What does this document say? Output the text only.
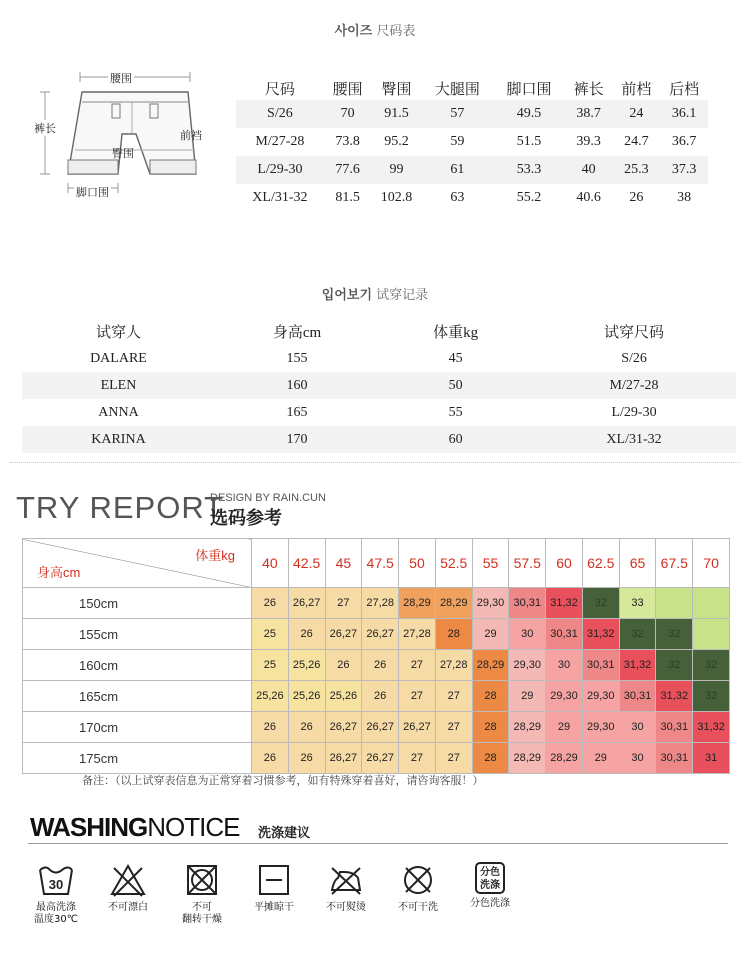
사이즈 尺码表
腰围
裤长
前裆
臀围
脚口围
尺码	腰围	臀围	大腿围	脚口围	裤长	前档	后档
S/26	70	91.5	57	49.5	38.7	24	36.1
M/27-28	73.8	95.2	59	51.5	39.3	24.7	36.7
L/29-30	77.6	99	61	53.3	40	25.3	37.3
XL/31-32	81.5	102.8	63	55.2	40.6	26	38
입어보기 试穿记录
试穿人	身高cm	体重kg	试穿尺码
DALARE	155	45	S/26
ELEN	160	50	M/27-28
ANNA	165	55	L/29-30
KARINA	170	60	XL/31-32
TRY REPORT
DESIGN BY RAIN.CUN
选码参考
体重kg
身高cm	40	42.5	45	47.5	50	52.5	55	57.5	60	62.5	65	67.5	70
150cm	26	26,27	27	27,28	28,29	28,29	29,30	30,31	31,32	32	33		
155cm	25	26	26,27	26,27	27,28	28	29	30	30,31	31,32	32	32	
160cm	25	25,26	26	26	27	27,28	28,29	29,30	30	30,31	31,32	32	32
165cm	25,26	25,26	25,26	26	27	27	28	29	29,30	29,30	30,31	31,32	32
170cm	26	26	26,27	26,27	26,27	27	28	28,29	29	29,30	30	30,31	31,32
175cm	26	26	26,27	26,27	27	27	28	28,29	28,29	29	30	30,31	31
备注：（以上试穿表信息为正常穿着习惯参考，如有特殊穿着喜好，请咨询客服！）
WASHINGNOTICE 洗涤建议
30
最高洗涤
温度30℃
不可漂白	不可
翻转干燥
平摊晾干	不可熨烫	不可干洗
分色
洗涤
分色洗涤
